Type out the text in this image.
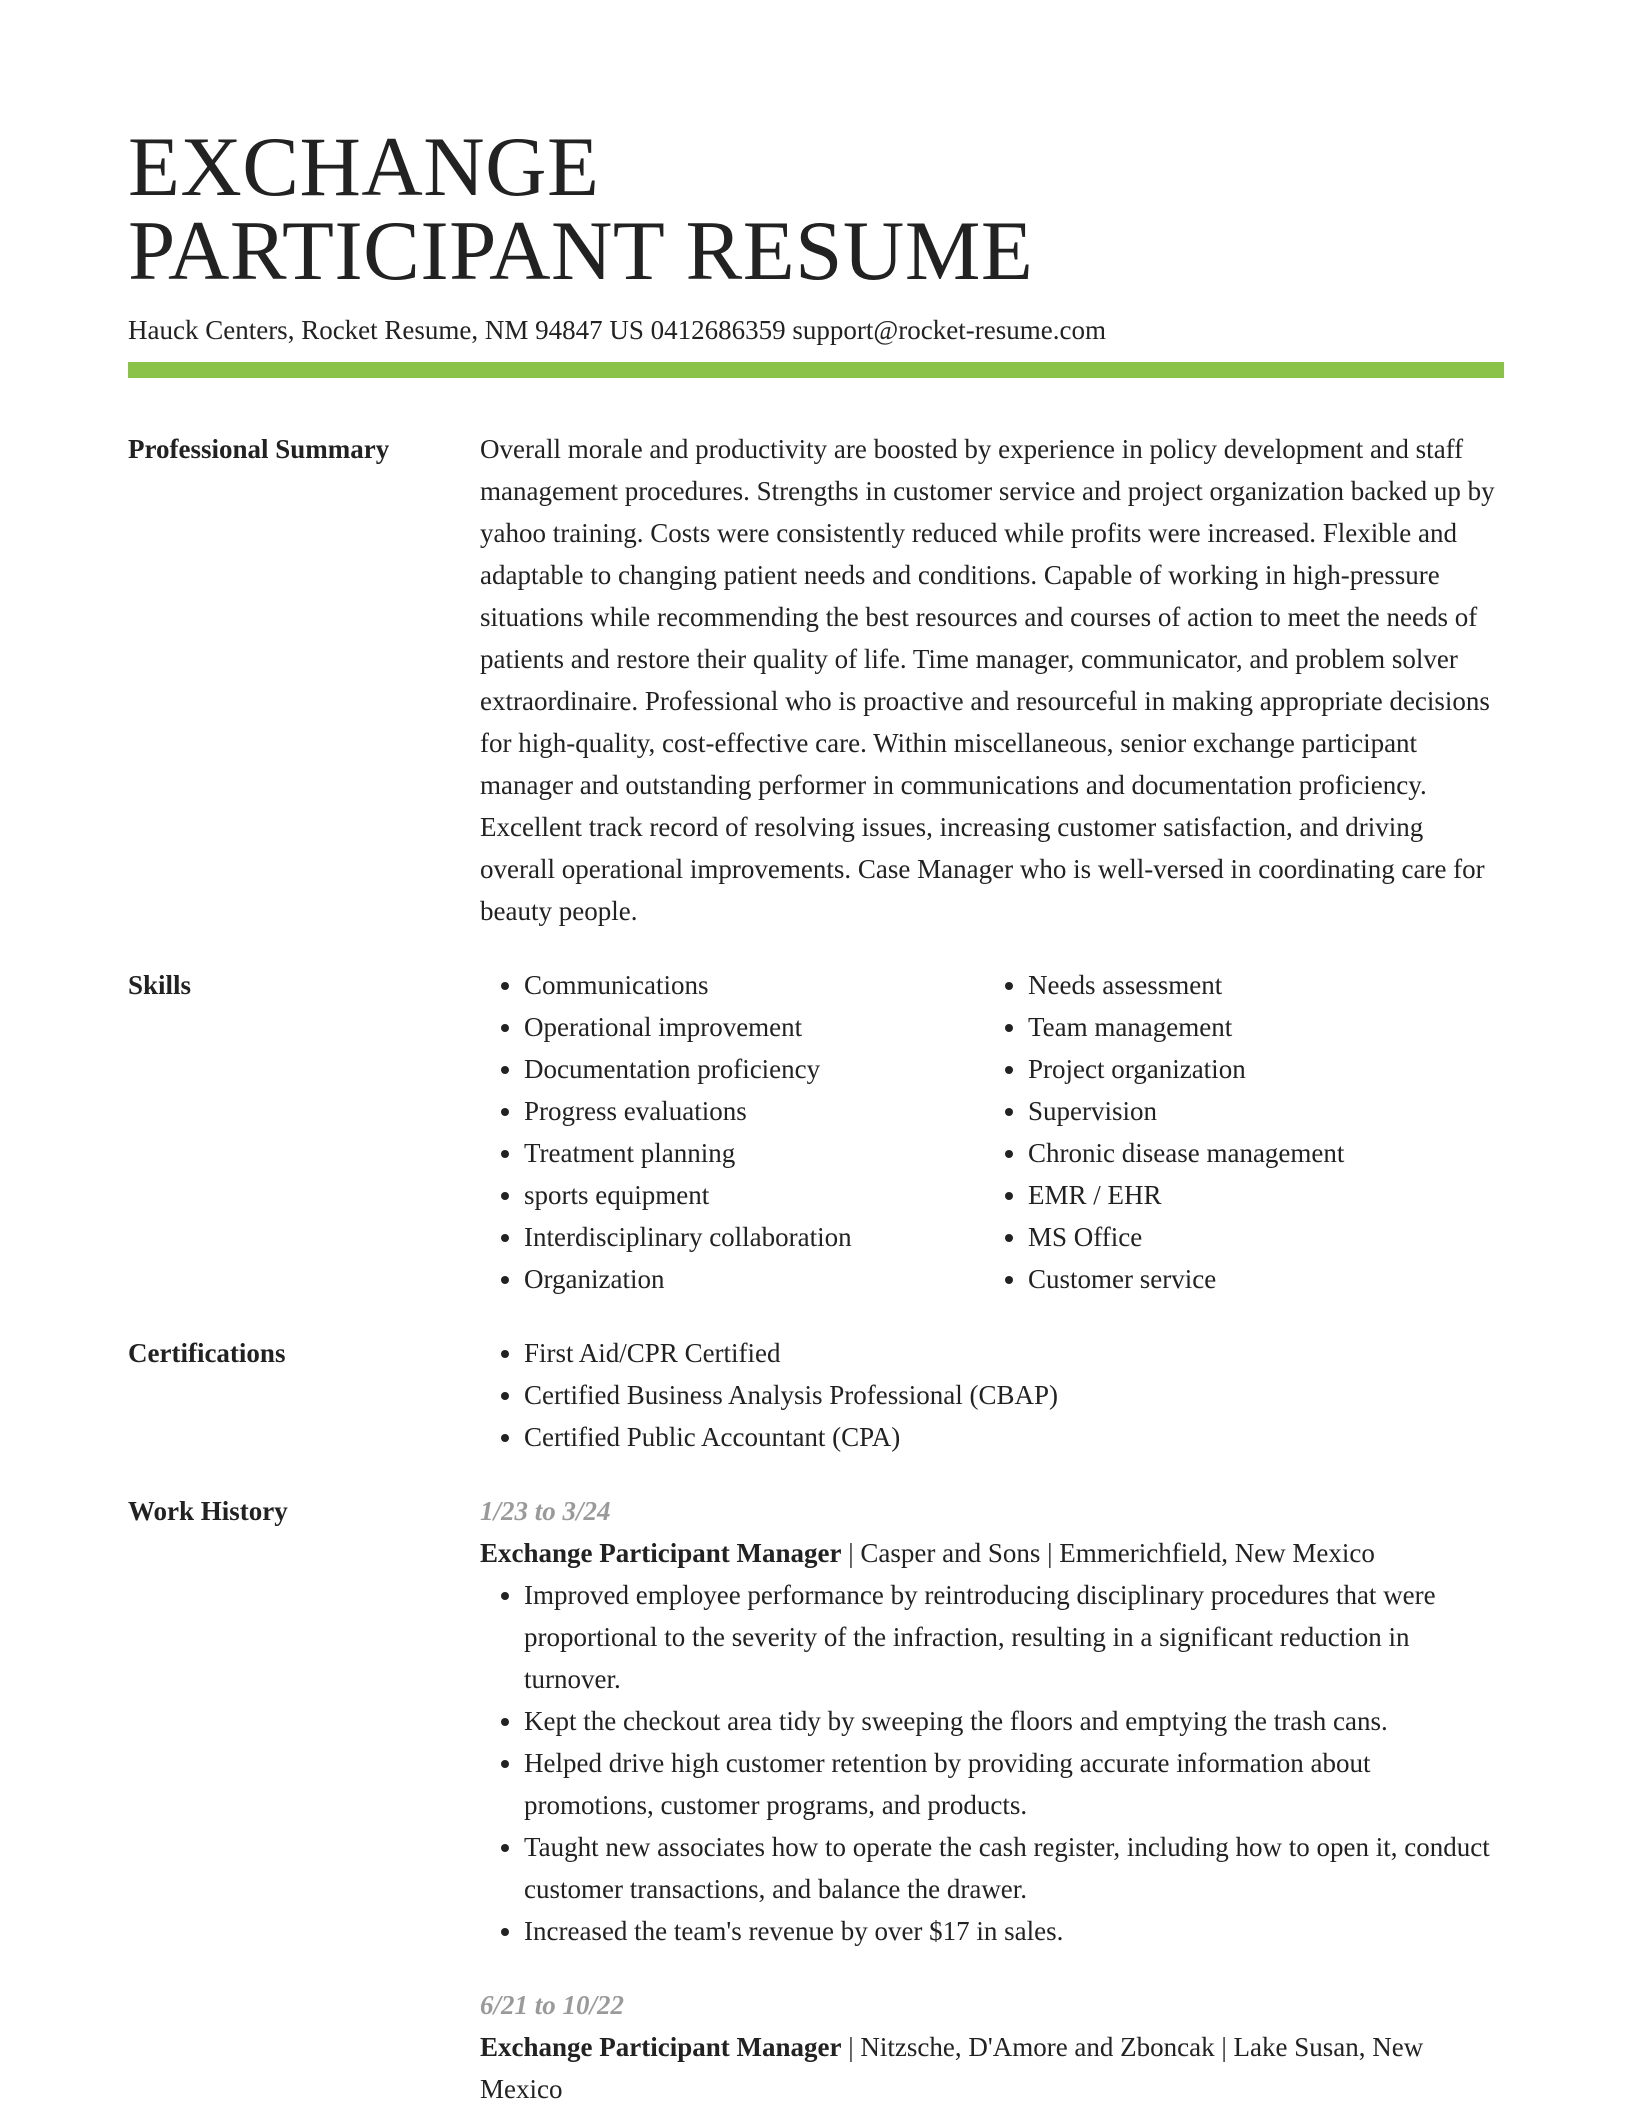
EXCHANGE
PARTICIPANT RESUME
Hauck Centers, Rocket Resume, NM 94847 US 0412686359 support@rocket-resume.com
Professional Summary	Overall morale and productivity are boosted by experience in policy development and staff management procedures. Strengths in customer service and project organization backed up by yahoo training. Costs were consistently reduced while profits were increased. Flexible and adaptable to changing patient needs and conditions. Capable of working in high-pressure situations while recommending the best resources and courses of action to meet the needs of patients and restore their quality of life. Time manager, communicator, and problem solver extraordinaire. Professional who is proactive and resourceful in making appropriate decisions for high-quality, cost-effective care. Within miscellaneous, senior exchange participant manager and outstanding performer in communications and documentation proficiency. Excellent track record of resolving issues, increasing customer satisfaction, and driving overall operational improvements. Case Manager who is well-versed in coordinating care for beauty people.

Skills	• Communications
• Operational improvement
• Documentation proficiency
• Progress evaluations
• Treatment planning
• sports equipment
• Interdisciplinary collaboration
• Organization
• Needs assessment
• Team management
• Project organization
• Supervision
• Chronic disease management
• EMR / EHR
• MS Office
• Customer service
Certifications	• First Aid/CPR Certified
• Certified Business Analysis Professional (CBAP)
• Certified Public Accountant (CPA)
Work History	1/23 to 3/24
Exchange Participant Manager | Casper and Sons | Emmerichfield, New Mexico
• Improved employee performance by reintroducing disciplinary procedures that were proportional to the severity of the infraction, resulting in a significant reduction in turnover.
• Kept the checkout area tidy by sweeping the floors and emptying the trash cans.
• Helped drive high customer retention by providing accurate information about promotions, customer programs, and products.
• Taught new associates how to operate the cash register, including how to open it, conduct customer transactions, and balance the drawer.
• Increased the team's revenue by over $17 in sales.
6/21 to 10/22
Exchange Participant Manager | Nitzsche, D'Amore and Zboncak | Lake Susan, New Mexico
